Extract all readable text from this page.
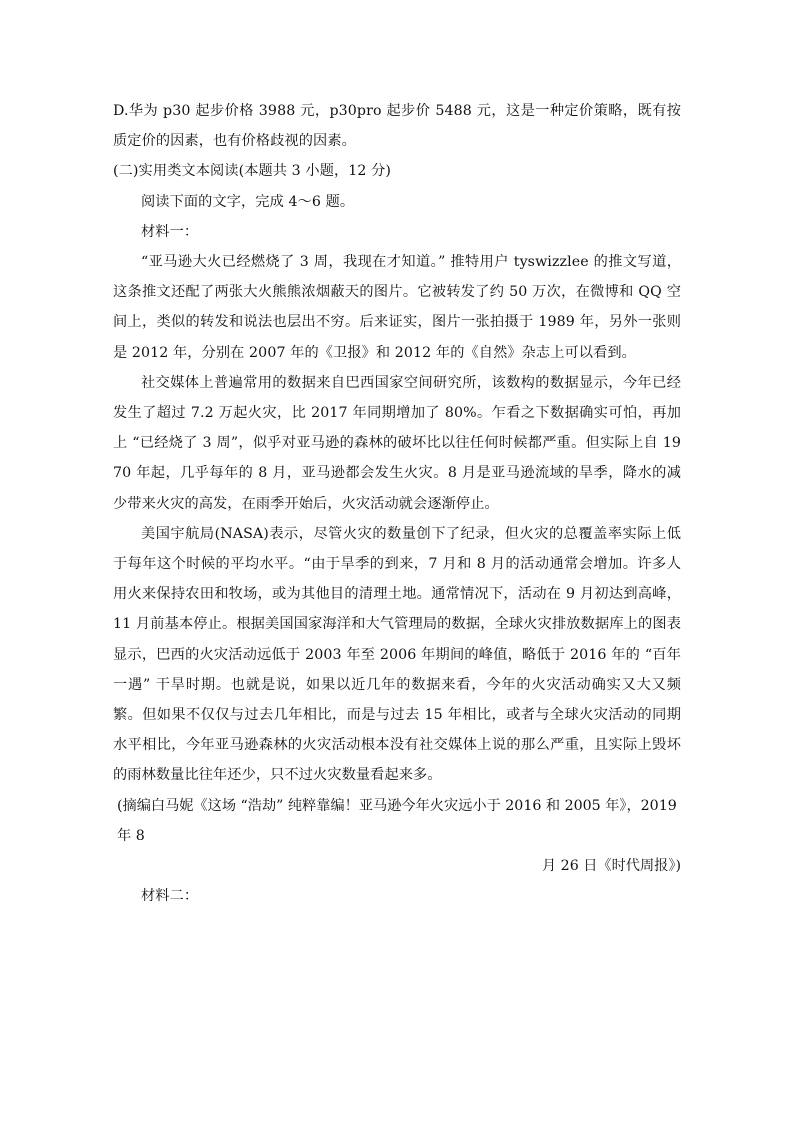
D.华为 p30 起步价格 3988 元，p30pro 起步价 5488 元，这是一种定价策略，既有按质定价的因素，也有价格歧视的因素。

(二)实用类文本阅读(本题共 3 小题，12 分)

阅读下面的文字，完成 4～6 题。

材料一：

“亚马逊大火已经燃烧了 3 周，我现在才知道。” 推特用户 tyswizzlee 的推文写道，这条推文还配了两张大火熊熊浓烟蔽天的图片。它被转发了约 50 万次，在微博和 QQ 空间上，类似的转发和说法也层出不穷。后来证实，图片一张拍摄于 1989 年，另外一张则是 2012 年，分别在 2007 年的《卫报》和 2012 年的《自然》杂志上可以看到。

社交媒体上普遍常用的数据来自巴西国家空间研究所，该数构的数据显示，今年已经发生了超过 7.2 万起火灾，比 2017 年同期增加了 80%。乍看之下数据确实可怕，再加上 “已经烧了 3 周”，似乎对亚马逊的森林的破坏比以往任何时候都严重。但实际上自 1970 年起，几乎每年的 8 月，亚马逊都会发生火灾。8 月是亚马逊流域的旱季，降水的减少带来火灾的高发，在雨季开始后，火灾活动就会逐渐停止。

美国宇航局(NASA)表示，尽管火灾的数量创下了纪录，但火灾的总覆盖率实际上低于每年这个时候的平均水平。“由于旱季的到来，7 月和 8 月的活动通常会增加。许多人用火来保持农田和牧场，或为其他目的清理土地。通常情况下，活动在 9 月初达到高峰，11 月前基本停止。根据美国国家海洋和大气管理局的数据，全球火灾排放数据库上的图表显示，巴西的火灾活动远低于 2003 年至 2006 年期间的峰值，略低于 2016 年的 “百年一遇” 干旱时期。也就是说，如果以近几年的数据来看，今年的火灾活动确实又大又频繁。但如果不仅仅与过去几年相比，而是与过去 15 年相比，或者与全球火灾活动的同期水平相比，今年亚马逊森林的火灾活动根本没有社交媒体上说的那么严重，且实际上毁坏的雨林数量比往年还少，只不过火灾数量看起来多。

(摘编白马妮《这场 “浩劫” 纯粹靠编！亚马逊今年火灾远小于 2016 和 2005 年》，2019 年 8

月 26 日《时代周报》)

材料二：
